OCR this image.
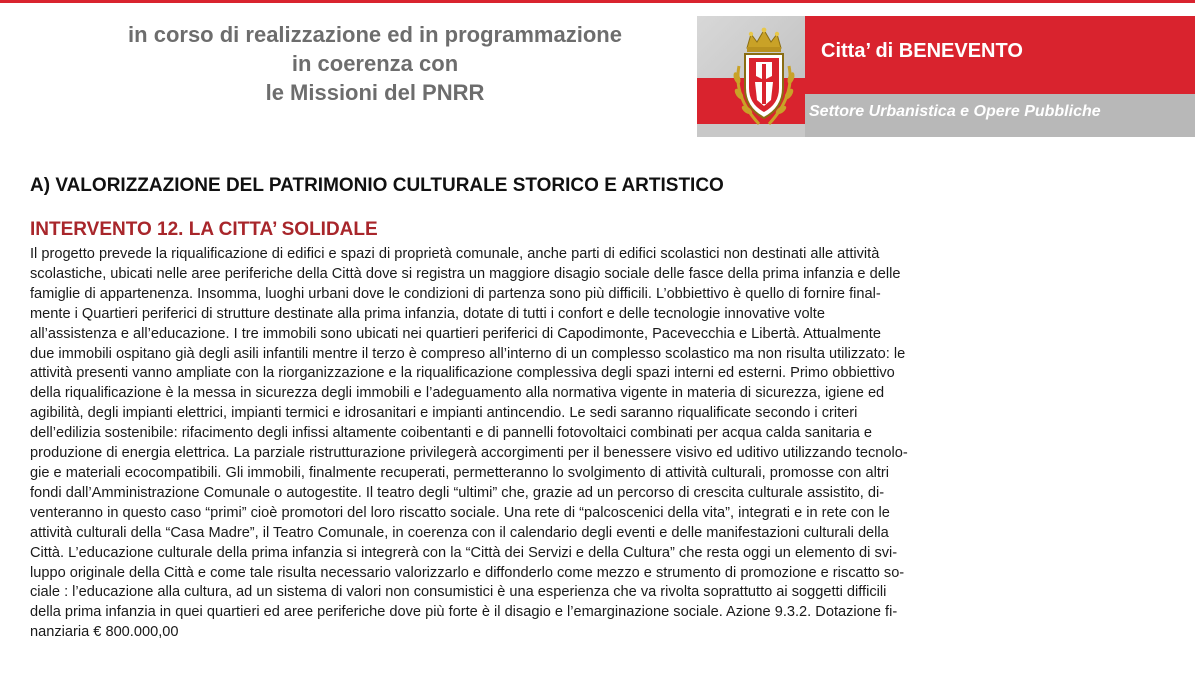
in corso di realizzazione ed in programmazione
in coerenza con
le Missioni del PNRR
Citta’ di BENEVENTO
Settore Urbanistica e Opere Pubbliche
A) VALORIZZAZIONE DEL PATRIMONIO CULTURALE STORICO E ARTISTICO
INTERVENTO 12. LA CITTA’ SOLIDALE
Il progetto prevede la riqualificazione di edifici e spazi di proprietà comunale, anche parti di edifici scolastici non destinati alle attività
scolastiche, ubicati nelle aree periferiche della Città dove si registra un maggiore disagio sociale delle fasce della prima infanzia e delle
famiglie di appartenenza. Insomma, luoghi urbani dove le condizioni di partenza sono più difficili. L’obbiettivo è quello di fornire final-
mente i Quartieri periferici di strutture destinate alla prima infanzia, dotate di tutti i confort e delle tecnologie innovative volte
all’assistenza e all’educazione. I tre immobili sono ubicati nei quartieri periferici di Capodimonte, Pacevecchia e Libertà. Attualmente
due immobili ospitano già degli asili infantili mentre il terzo è compreso all’interno di un complesso scolastico ma non risulta utilizzato: le
attività presenti vanno ampliate con la riorganizzazione e la riqualificazione complessiva degli spazi interni ed esterni. Primo obbiettivo
della riqualificazione è la messa in sicurezza degli immobili e l’adeguamento alla normativa vigente in materia di sicurezza, igiene ed
agibilità, degli impianti elettrici, impianti termici e idrosanitari e impianti antincendio. Le sedi saranno riqualificate secondo i criteri
dell’edilizia sostenibile: rifacimento degli infissi altamente coibentanti e di pannelli fotovoltaici combinati per acqua calda sanitaria e
produzione di energia elettrica. La parziale ristrutturazione privilegerà accorgimenti per il benessere visivo ed uditivo utilizzando tecnolo-
gie e materiali ecocompatibili. Gli immobili, finalmente recuperati, permetteranno lo svolgimento di attività culturali, promosse con altri
fondi dall’Amministrazione Comunale o autogestite. Il teatro degli “ultimi” che, grazie ad un percorso di crescita culturale assistito, di-
venteranno in questo caso “primi” cioè promotori del loro riscatto sociale. Una rete di “palcoscenici della vita”, integrati e in rete con le
attività culturali della “Casa Madre”, il Teatro Comunale, in coerenza con il calendario degli eventi e delle manifestazioni culturali della
Città. L’educazione culturale della prima infanzia si integrerà con la “Città dei Servizi e della Cultura” che resta oggi un elemento di svi-
luppo originale della Città e come tale risulta necessario valorizzarlo e diffonderlo come mezzo e strumento di promozione e riscatto so-
ciale : l’educazione alla cultura, ad un sistema di valori non consumistici è una esperienza che va rivolta soprattutto ai soggetti difficili
della prima infanzia in quei quartieri ed aree periferiche dove più forte è il disagio e l’emarginazione sociale. Azione 9.3.2. Dotazione fi-
nanziaria € 800.000,00
